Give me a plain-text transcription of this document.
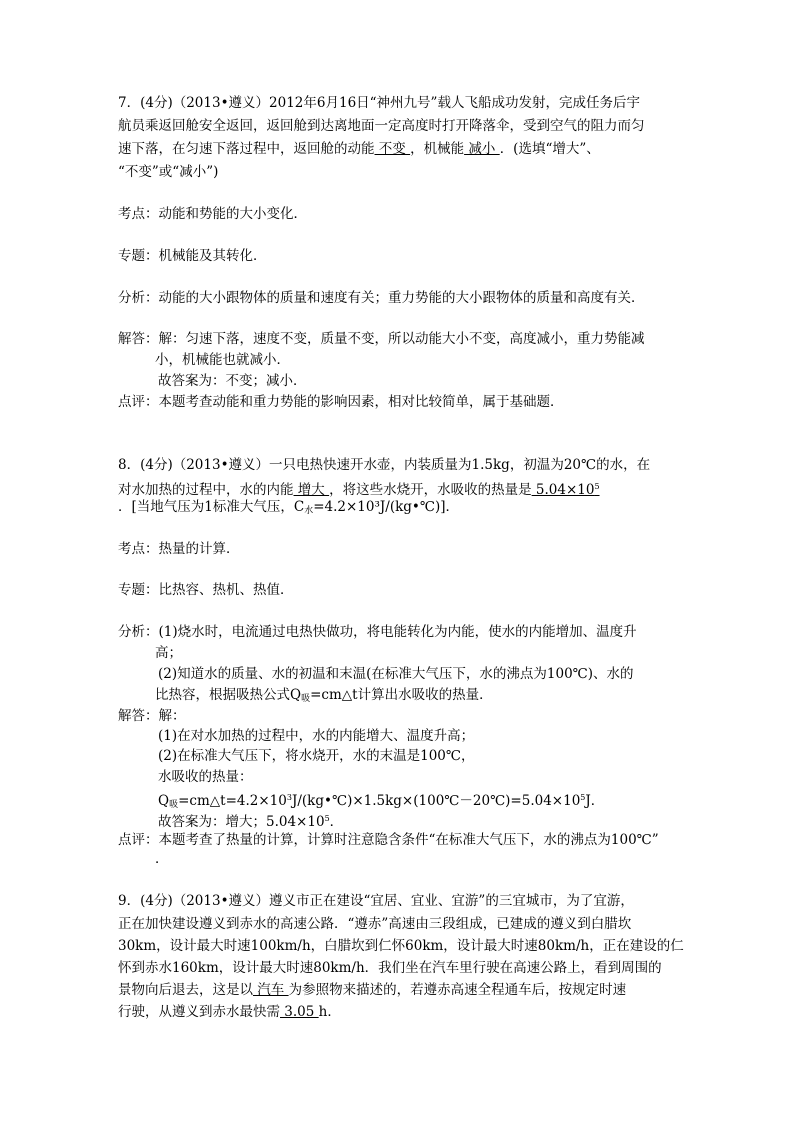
7．(4分)（2013•遵义）2012年6月16日“神州九号”载人飞船成功发射，完成任务后宇
航员乘返回舱安全返回，返回舱到达离地面一定高度时打开降落伞，受到空气的阻力而匀
速下落，在匀速下落过程中，返回舱的动能 不变 ，机械能 减小 ．(选填“增大”、
“不变”或“减小”)
考点：动能和势能的大小变化．
专题：机械能及其转化．
分析：动能的大小跟物体的质量和速度有关；重力势能的大小跟物体的质量和高度有关．
解答：解：匀速下落，速度不变，质量不变，所以动能大小不变，高度减小，重力势能减
小，机械能也就减小．
故答案为：不变；减小．
点评：本题考查动能和重力势能的影响因素，相对比较简单，属于基础题．
8．(4分)（2013•遵义）一只电热快速开水壶，内装质量为1.5kg，初温为20℃的水，在
对水加热的过程中，水的内能 增大 ，将这些水烧开，水吸收的热量是 $5.04\times 10^5$
．[当地气压为1标准大气压，$C_水=4.2\times 10^3J/(kg•℃)$]．
考点：热量的计算．
专题：比热容、热机、热值．
分析：(1)烧水时，电流通过电热快做功，将电能转化为内能，使水的内能增加、温度升
高；
(2)知道水的质量、水的初温和末温(在标准大气压下，水的沸点为100℃)、水的
比热容，根据吸热公式$Q_吸=cm\triangle t$计算出水吸收的热量．
解答：解：
(1)在对水加热的过程中，水的内能增大、温度升高；
(2)在标准大气压下，将水烧开，水的末温是100℃，
水吸收的热量：
$Q_吸=cm\triangle t=4.2\times 10^3J/(kg•℃)\times 1.5kg\times(100℃-20℃)=5.04\times 10^5J$．
故答案为：增大；$5.04\times 10^5$．
点评：本题考查了热量的计算，计算时注意隐含条件“在标准大气压下，水的沸点为100℃”
．
9．(4分)（2013•遵义）遵义市正在建设“宜居、宜业、宜游”的三宜城市，为了宜游，
正在加快建设遵义到赤水的高速公路．“遵赤”高速由三段组成，已建成的遵义到白腊坎
30km，设计最大时速100km/h，白腊坎到仁怀60km，设计最大时速80km/h，正在建设的仁
怀到赤水160km，设计最大时速80km/h．我们坐在汽车里行驶在高速公路上，看到周围的
景物向后退去，这是以 汽车 为参照物来描述的，若遵赤高速全程通车后，按规定时速
行驶，从遵义到赤水最快需 3.05 h．
